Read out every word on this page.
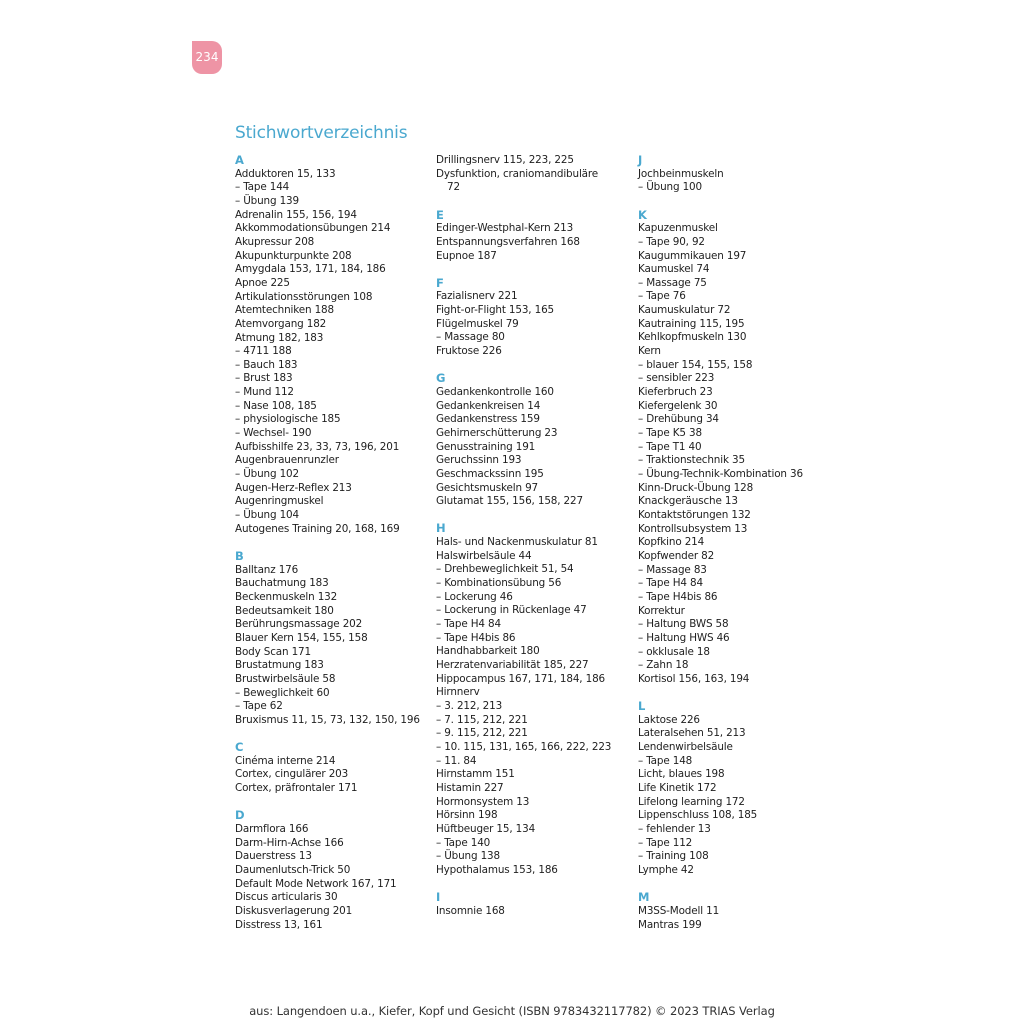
234
Stichwortverzeichnis
A
Adduktoren 15, 133
– Tape 144
– Übung 139
Adrenalin 155, 156, 194
Akkommodationsübungen 214
Akupressur 208
Akupunkturpunkte 208
Amygdala 153, 171, 184, 186
Apnoe 225
Artikulationsstörungen 108
Atemtechniken 188
Atemvorgang 182
Atmung 182, 183
– 4711 188
– Bauch 183
– Brust 183
– Mund 112
– Nase 108, 185
– physiologische 185
– Wechsel- 190
Aufbisshilfe 23, 33, 73, 196, 201
Augenbrauenrunzler
– Übung 102
Augen-Herz-Reflex 213
Augenringmuskel
– Übung 104
Autogenes Training 20, 168, 169
B
Balltanz 176
Bauchatmung 183
Beckenmuskeln 132
Bedeutsamkeit 180
Berührungsmassage 202
Blauer Kern 154, 155, 158
Body Scan 171
Brustatmung 183
Brustwirbelsäule 58
– Beweglichkeit 60
– Tape 62
Bruxismus 11, 15, 73, 132, 150, 196
C
Cinéma interne 214
Cortex, cingulärer 203
Cortex, präfrontaler 171
D
Darmflora 166
Darm-Hirn-Achse 166
Dauerstress 13
Daumenlutsch-Trick 50
Default Mode Network 167, 171
Discus articularis 30
Diskusverlagerung 201
Disstress 13, 161
Drillingsnerv 115, 223, 225
Dysfunktion, craniomandibuläre
72
E
Edinger-Westphal-Kern 213
Entspannungsverfahren 168
Eupnoe 187
F
Fazialisnerv 221
Fight-or-Flight 153, 165
Flügelmuskel 79
– Massage 80
Fruktose 226
G
Gedankenkontrolle 160
Gedankenkreisen 14
Gedankenstress 159
Gehirnerschütterung 23
Genusstraining 191
Geruchssinn 193
Geschmackssinn 195
Gesichtsmuskeln 97
Glutamat 155, 156, 158, 227
H
Hals- und Nackenmuskulatur 81
Halswirbelsäule 44
– Drehbeweglichkeit 51, 54
– Kombinationsübung 56
– Lockerung 46
– Lockerung in Rückenlage 47
– Tape H4 84
– Tape H4bis 86
Handhabbarkeit 180
Herzratenvariabilität 185, 227
Hippocampus 167, 171, 184, 186
Hirnnerv
– 3. 212, 213
– 7. 115, 212, 221
– 9. 115, 212, 221
– 10. 115, 131, 165, 166, 222, 223
– 11. 84
Hirnstamm 151
Histamin 227
Hormonsystem 13
Hörsinn 198
Hüftbeuger 15, 134
– Tape 140
– Übung 138
Hypothalamus 153, 186
I
Insomnie 168
J
Jochbeinmuskeln
– Übung 100
K
Kapuzenmuskel
– Tape 90, 92
Kaugummikauen 197
Kaumuskel 74
– Massage 75
– Tape 76
Kaumuskulatur 72
Kautraining 115, 195
Kehlkopfmuskeln 130
Kern
– blauer 154, 155, 158
– sensibler 223
Kieferbruch 23
Kiefergelenk 30
– Drehübung 34
– Tape K5 38
– Tape T1 40
– Traktionstechnik 35
– Übung-Technik-Kombination 36
Kinn-Druck-Übung 128
Knackgeräusche 13
Kontaktstörungen 132
Kontrollsubsystem 13
Kopfkino 214
Kopfwender 82
– Massage 83
– Tape H4 84
– Tape H4bis 86
Korrektur
– Haltung BWS 58
– Haltung HWS 46
– okklusale 18
– Zahn 18
Kortisol 156, 163, 194
L
Laktose 226
Lateralsehen 51, 213
Lendenwirbelsäule
– Tape 148
Licht, blaues 198
Life Kinetik 172
Lifelong learning 172
Lippenschluss 108, 185
– fehlender 13
– Tape 112
– Training 108
Lymphe 42
M
M3SS-Modell 11
Mantras 199
aus: Langendoen u.a., Kiefer, Kopf und Gesicht (ISBN 9783432117782) © 2023 TRIAS Verlag
